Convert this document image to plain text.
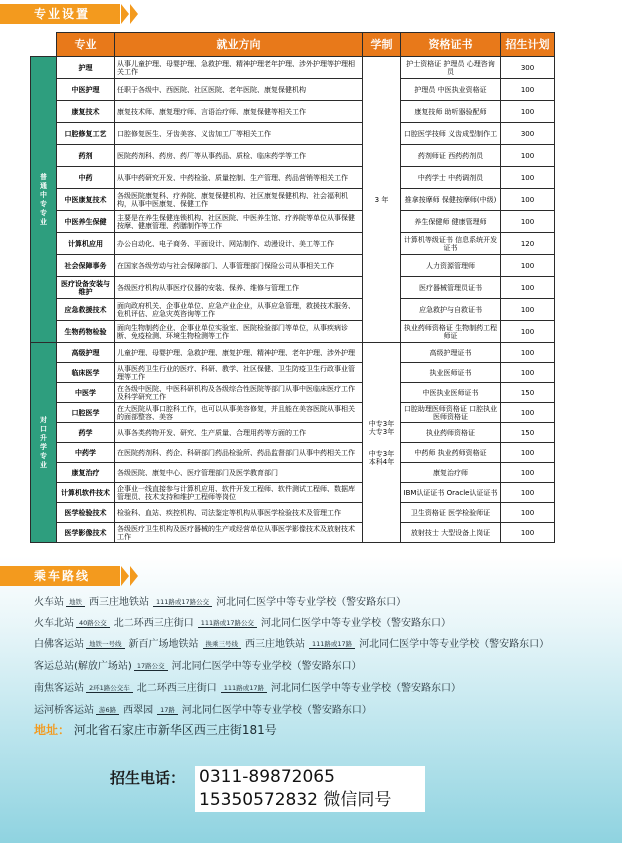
专业设置
	专业	就业方向	学制	资格证书	招生计划

普通中专专业	护理	从事儿童护理、母婴护理、急救护理、精神护理老年护理、涉外护理等护理相关工作	3 年	护士资格证 护理员 心理咨询员	300
	中医护理	任职于各级中、西医院、社区医院、老年医院、康复保健机构		护理员 中医执业资格证	100
	康复技术	康复技术师、康复理疗师、言语治疗师、康复保健等相关工作		康复技师 助听器验配师	100
	口腔修复工艺	口腔修复医生、牙齿美容、义齿加工厂等相关工作		口腔医学技师 义齿成型制作工	300
	药剂	医院药剂科、药房、药厂等从事药品、质检、临床药学等工作		药剂师证 西药药剂员	100
	中药	从事中药研究开发、中药检验、质量控制、生产管理、药品营销等相关工作		中药学士 中药调剂员	100
	中医康复技术	各级医院康复科、疗养院、康复保健机构、社区康复保健机构、社会福利机构，从事中医康复、保健工作		推拿按摩师 保健按摩师(中级)	100
	中医养生保健	主要是在养生保健连锁机构、社区医院、中医养生馆、疗养院等单位从事保健按摩、健康管理、药膳制作等工作		养生保健师 健康管理师	100
	计算机应用	办公自动化、电子商务、平面设计、网站制作、动漫设计、美工等工作		计算机等级证书 信息系统开发证书	120
	社会保障事务	在国家各级劳动与社会保障部门、人事管理部门保险公司从事相关工作		人力资源管理师	100
	医疗设备安装与维护	各级医疗机构从事医疗仪器的安装、保养、维修与管理工作		医疗器械管理员证书	100
	应急救援技术	面向政府机关、企事业单位、应急产业企业，从事应急管理，救援技术服务、危机评估、应急灾英咨询等工作		应急救护与自救证书	100
	生物药物检验	面向生物制药企业、企事业单位实验室、医院检验部门等单位，从事疾病诊断、免疫检测、环境生物检测等工作		执业药师资格证 生物制药工程师证	100

对口升学专业	高级护理	儿童护理、母婴护理、急救护理、康复护理、精神护理、老年护理、涉外护理	中专3年
大专3年
中专3年
本科4年	高级护理证书	100
	临床医学	从事医药卫生行业的医疗、科研、教学、社区保健、卫生防疫卫生行政事业管理等工作		执业医师证书	100
	中医学	在各级中医院、中医科研机构及各级综合性医院等部门从事中医临床医疗工作及科学研究工作		中医执业医师证书	150
	口腔医学	在大医院从事口腔科工作，也可以从事美容修复，并且能在美容医院从事相关的面部整容、美容		口腔助理医师资格证 口腔执业医师资格证	100
	药学	从事各类药物开发、研究、生产质量、合理用药等方面的工作		执业药师资格证	150
	中药学	在医院药剂科、药企、科研部门药品检验所、药品监督部门从事中药相关工作		中药师 执业药师资格证	100
	康复治疗	各级医院、康复中心、医疗管理部门及医学教育部门		康复治疗师	100
	计算机软件技术	企事业一线直接参与计算机应用、软件开发工程师、软件测试工程师、数据库管理员、技术支持和维护工程师等岗位		IBM认证证书 Oracle认证证书	100
	医学检验技术	检验科、血站、疾控机构、司法鉴定等机构从事医学检验技术及管理工作		卫生资格证 医学检验师证	100
	医学影像技术	各级医疗卫生机构及医疗器械的生产或经营单位从事医学影像技术及放射技术工作		放射技士 大型设备上岗证	100
乘车路线
火车站 地铁 西三庄地铁站 111路或17路公交 河北同仁医学中等专业学校（警安路东口）
火车北站 40路公交 北二环西三庄街口 111路或17路公交 河北同仁医学中等专业学校（警安路东口）
白佛客运站 地铁一号线 新百广场地铁站 换乘三号线 西三庄地铁站 111路或17路 河北同仁医学中等专业学校（警安路东口）
客运总站(解放广场站) 17路公交 河北同仁医学中等专业学校（警安路东口）
南焦客运站 2环1路公交车 北二环西三庄街口 111路或17路 河北同仁医学中等专业学校（警安路东口）
运河桥客运站 游6路 西翠园 17路 河北同仁医学中等专业学校（警安路东口）
地址： 河北省石家庄市新华区西三庄街181号
招生电话： 0311-89872065
15350572832 微信同号
